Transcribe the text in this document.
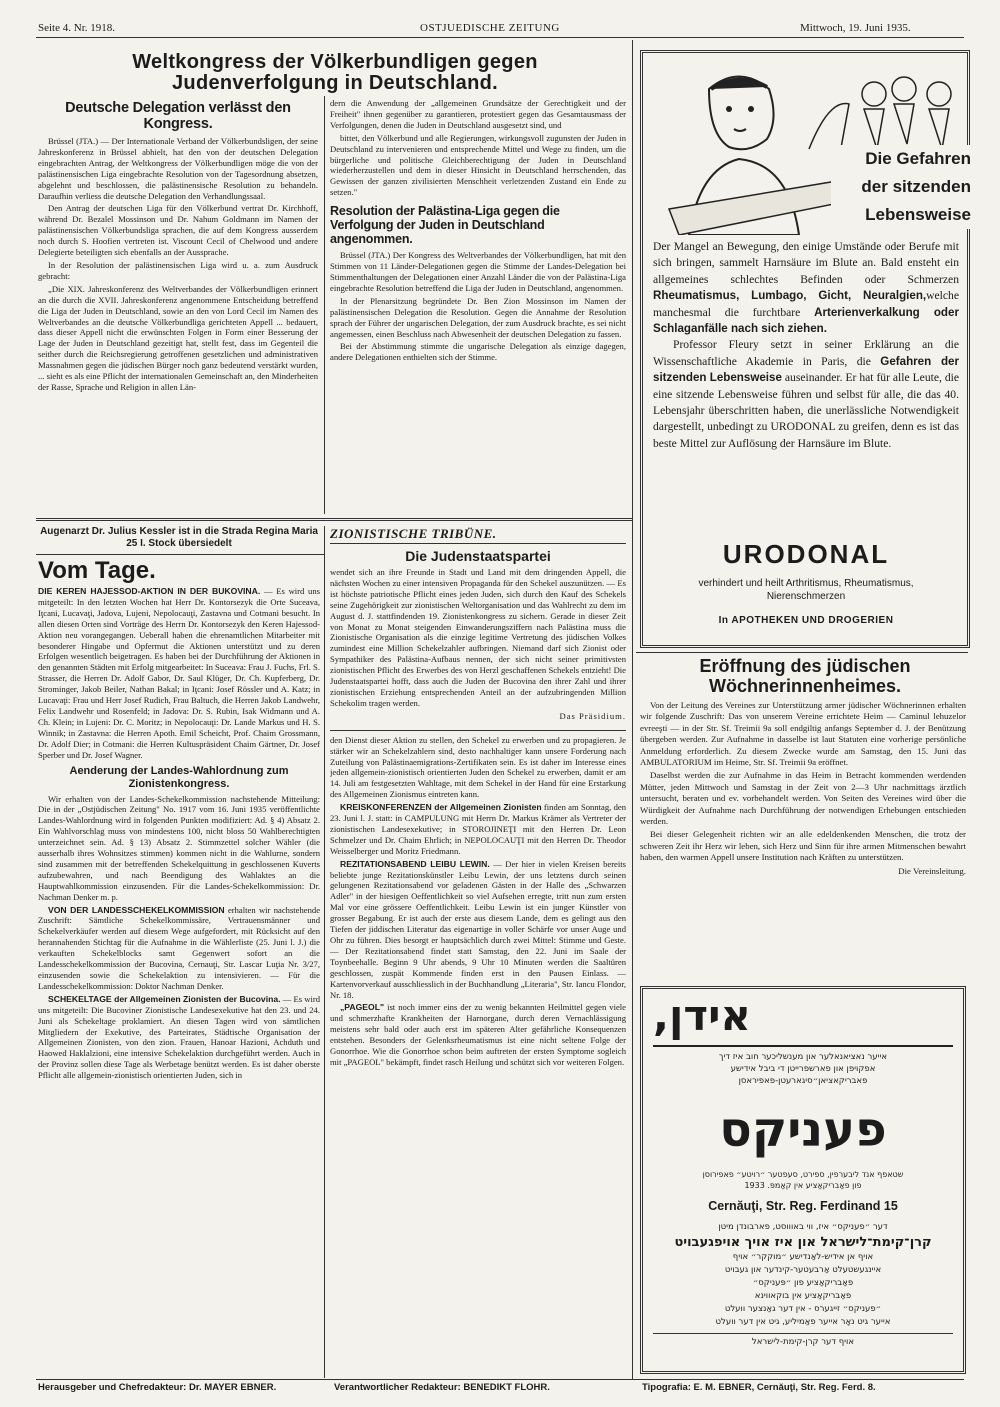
Seite 4. Nr. 1918.	OSTJUEDISCHE ZEITUNG	Mittwoch, 19. Juni 1935.
Weltkongress der Völkerbundligen gegen
Judenverfolgung in Deutschland.
Deutsche Delegation verlässt den Kongress.

Brüssel (JTA.) — Der Internationale Verband der Völkerbundsligen, der seine Jahreskonferenz in Brüssel abhielt, hat den von der deutschen Delegation eingebrachten Antrag, der Weltkongress der Völkerbundligen möge die von der palästinensischen Liga eingebrachte Resolution von der Tagesordnung absetzen, abgelehnt und beschlossen, die palästinensische Resolution zu behandeln. Daraufhin verliess die deutsche Delegation den Verhandlungssaal.

Den Antrag der deutschen Liga für den Völkerbund vertrat Dr. Kirchhoff, während Dr. Bezalel Mossinson und Dr. Nahum Goldmann im Namen der palästinensischen Völkerbundsliga sprachen, die auf dem Kongress ausserdem noch durch S. Hoofien vertreten ist. Viscount Cecil of Chelwood und andere Delegierte beteiligten sich ebenfalls an der Aussprache.

In der Resolution der palästinensischen Liga wird u. a. zum Ausdruck gebracht:

„Die XIX. Jahreskonferenz des Weltverbandes der Völkerbundligen erinnert an die durch die XVII. Jahreskonferenz angenommene Entscheidung betreffend die Liga der Juden in Deutschland, sowie an den von Lord Cecil im Namen des Weltverbandes an die deutsche Völkerbundliga gerichteten Appell ... bedauert, dass dieser Appell nicht die erwünschten Folgen in Form einer Besserung der Lage der Juden in Deutschland gezeitigt hat, stellt fest, dass im Gegenteil die seither durch die Reichsregierung getroffenen gesetzlichen und administrativen Massnahmen gegen die jüdischen Bürger noch ganz bedeutend verstärkt wurden, ... sieht es als eine Pflicht der internationalen Gemeinschaft an, den Minderheiten der Rasse, Sprache und Religion in allen Län-

dern die Anwendung der „allgemeinen Grundsätze der Gerechtigkeit und der Freiheit" ihnen gegenüber zu garantieren, protestiert gegen das Gesamtausmass der Verfolgungen, denen die Juden in Deutschland ausgesetzt sind, und

bittet, den Völkerbund und alle Regierungen, wirkungsvoll zugunsten der Juden in Deutschland zu intervenieren und entsprechende Mittel und Wege zu finden, um die bürgerliche und politische Gleichberechtigung der Juden in Deutschland wiederherzustellen und dem in dieser Hinsicht in Deutschland herrschenden, das Gewissen der ganzen zivilisierten Menschheit verletzenden Zustand ein Ende zu setzen."

Resolution der Palästina-Liga gegen die Verfolgung der Juden in Deutschland angenommen.

Brüssel (JTA.) Der Kongress des Weltverbandes der Völkerbundligen, hat mit den Stimmen von 11 Länder-Delegationen gegen die Stimme der Landes-Delegation bei Stimmenthaltungen der Delegationen einer Anzahl Länder die von der Palästina-Liga eingebrachte Resolution betreffend die Liga der Juden in Deutschland, angenommen.

In der Plenarsitzung begründete Dr. Ben Zion Mossinson im Namen der palästinensischen Delegation die Resolution. Gegen die Annahme der Resolution sprach der Führer der ungarischen Delegation, der zum Ausdruck brachte, es sei nicht angemessen, einen Beschluss nach Abwesenheit der deutschen Delegation zu fassen.

Bei der Abstimmung stimmte die ungarische Delegation als einzige dagegen, andere Delegationen enthielten sich der Stimme.

Augenarzt Dr. Julius Kessler ist in die Strada Regina Maria 25 I. Stock übersiedelt
Vom Tage.

DIE KEREN HAJESSOD-AKTION IN DER BUKOVINA. — Es wird uns mitgeteilt: In den letzten Wochen hat Herr Dr. Kontorsezyk die Orte Suceava, Iţcani, Lucavaţi, Jadova, Lujeni, Nepolocauţi, Zastavna und Cotmani besucht. In allen diesen Orten sind Vorträge des Herrn Dr. Kontorsezyk den Keren Hajessod-Aktion neu vorangegangen. Ueberall haben die ehrenamtlichen Mitarbeiter mit besonderer Hingabe und Opfermut die Aktionen unterstützt und zu deren Erfolgen wesentlich beigetragen. Es haben bei der Durchführung der Aktionen in den genannten Städten mit Erfolg mitgearbeitet: In Suceava: Frau J. Fuchs, Frl. S. Strasser, die Herren Dr. Adolf Gabor, Dr. Saul Klüger, Dr. Ch. Kupferberg, Dr. Strominger, Jakob Beiler, Nathan Bakal; in Iţcani: Josef Rössler und A. Katz; in Lucavaţi: Frau und Herr Josef Rudich, Frau Baltuch, die Herren Jakob Landwehr, Felix Landwehr und Rosenfeld; in Jadova: Dr. S. Rubin, Isak Widmann und A. Ch. Klein; in Lujeni: Dr. C. Moritz; in Nepolocauţi: Dr. Lande Markus und H. S. Winnik; in Zastavna: die Herren Apoth. Emil Scheicht, Prof. Chaim Grossmann, Dr. Adolf Dier; in Cotmani: die Herren Kultuspräsident Chaim Gärtner, Dr. Josef Sperber und Dr. Josef Wagner.

Aenderung der Landes-Wahlordnung zum Zionistenkongress.

Wir erhalten von der Landes-Schekelkommission nachstehende Mitteilung: Die in der „Ostjüdischen Zeitung" No. 1917 vom 16. Juni 1935 veröffentlichte Landes-Wahlordnung wird in folgenden Punkten modifiziert: Ad. § 4) Absatz 2. Ein Wahlvorschlag muss von mindestens 100, nicht bloss 50 Wahlberechtigten unterzeichnet sein. Ad. § 13) Absatz 2. Stimmzettel solcher Wähler (die ausserhalb ihres Wohnsitzes stimmen) kommen nicht in die Wahlurne, sondern sind zusammen mit der betreffenden Schekelquittung in geschlossenen Kuverts aufzubewahren, und nach Beendigung des Wahlaktes an die Hauptwahlkommission einzusenden. Für die Landes-Schekelkommission: Dr. Nachman Denker m. p.

VON DER LANDESSCHEKELKOMMISSION erhalten wir nachstehende Zuschrift: Sämtliche Schekelkommissäre, Vertrauensmänner und Schekelverkäufer werden auf diesem Wege aufgefordert, mit Rücksicht auf den herannahenden Stichtag für die Aufnahme in die Wählerliste (25. Juni l. J.) die verkauften Schekelblocks samt Gegenwert sofort an die Landesschekelkommission der Bucovina, Cernauţi, Str. Lascar Luţia Nr. 3/27, einzusenden sowie die Schekelaktion zu intensivieren. — Für die Landesschekelkommission: Doktor Nachman Denker.

SCHEKELTAGE der Allgemeinen Zionisten der Bucovina. — Es wird uns mitgeteilt: Die Bucoviner Zionistische Landesexekutive hat den 23. und 24. Juni als Schekeltage proklamiert. An diesen Tagen wird von sämtlichen Mitgliedern der Exekutive, des Parteirates, Städtische Organisation der Allgemeinen Zionisten, von den zion. Frauen, Hanoar Hazioni, Achduth und Haowed Haklalzioni, eine intensive Schekelaktion durchgeführt werden. Auch in der Provinz sollen diese Tage als Werbetage benützt werden. Es ist daher oberste Pflicht alle allgemein-zionistisch orientierten Juden, sich in

ZIONISTISCHE TRIBÜNE.
Die Judenstaatspartei

wendet sich an ihre Freunde in Stadt und Land mit dem dringenden Appell, die nächsten Wochen zu einer intensiven Propaganda für den Schekel auszunützen. — Es ist höchste patriotische Pflicht eines jeden Juden, sich durch den Kauf des Schekels seine Zugehörigkeit zur zionistischen Weltorganisation und das Wahlrecht zu dem im August d. J. stattfindenden 19. Zionistenkongress zu sichern. Gerade in dieser Zeit von Monat zu Monat steigenden Einwanderungsziffern nach Palästina muss die Zionistische Organisation als die einzige legitime Vertretung des jüdischen Volkes zumindest eine Million Schekelzahler aufbringen. Niemand darf sich Zionist oder Sympathiker des Palästina-Aufbaus nennen, der sich nicht seiner primitivsten zionistischen Pflicht des Erwerbes des von Herzl geschaffenen Schekels entzieht! Die Judenstaatspartei hofft, dass auch die Juden der Bucovina den ihrer Zahl und ihrer zionistischen Erziehung entsprechenden Anteil an der aufzubringenden Million Schekolim tragen werden.

Das Präsidium.

den Dienst dieser Aktion zu stellen, den Schekel zu erwerben und zu propagieren. Je stärker wir an Schekelzahlern sind, desto nachhaltiger kann unsere Forderung nach Zuteilung von Palästinaemigrations-Zertifikaten sein. Es ist daher im Interesse eines jeden allgemein-zionistisch orientierten Juden den Schekel zu erwerben, damit er am 14. Juli am festgesetzten Wahltage, mit dem Schekel in der Hand für eine Erstarkung des Allgemeinen Zionismus eintreten kann.

KREISKONFERENZEN der Allgemeinen Zionisten finden am Sonntag, den 23. Juni l. J. statt: in CAMPULUNG mit Herrn Dr. Markus Krämer als Vertreter der zionistischen Landesexekutive; in STOROJINEŢI mit den Herren Dr. Leon Schmelzer und Dr. Chaim Ehrlich; in NEPOLOCAUŢI mit den Herren Dr. Theodor Weisselberger und Moritz Friedmann.

REZITATIONSABEND LEIBU LEWIN. — Der hier in vielen Kreisen bereits beliebte junge Rezitationskünstler Leibu Lewin, der uns letztens durch seinen gelungenen Rezitationsabend vor geladenen Gästen in der Halle des „Schwarzen Adler" in der hiesigen Oeffentlichkeit so viel Aufsehen erregte, tritt nun zum ersten Mal vor eine grössere Oeffentlichkeit. Leibu Lewin ist ein junger Künstler von grosser Begabung. Er ist auch der erste aus diesem Lande, dem es gelingt aus den Tiefen der jiddischen Literatur das eigenartige in voller Schärfe vor unser Auge und Ohr zu führen. Dies besorgt er hauptsächlich durch zwei Mittel: Stimme und Geste. — Der Rezitationsabend findet statt Samstag, den 22. Juni im Saale der Toynbeehalle. Beginn 9 Uhr abends, 9 Uhr 10 Minuten werden die Saaltüren geschlossen, zuspät Kommende finden erst in den Pausen Einlass. — Kartenvorverkauf ausschliesslich in der Buchhandlung „Literaria", Str. Iancu Flondor, Nr. 18.

„PAGEOL" ist noch immer eins der zu wenig bekannten Heilmittel gegen viele und schmerzhafte Krankheiten der Harnorgane, durch deren Vernachlässigung meistens sehr bald oder auch erst im späteren Alter gefährliche Konsequenzen entstehen. Besonders der Gelenksrheumatismus ist eine nicht seltene Folge der Gonorrhoe. Wie die Gonorrhoe schon beim auftreten der ersten Symptome sogleich mit „PAGEOL" bekämpft, findet rasch Heilung und schützt sich vor weiteren Folgen.

Die Gefahren
der sitzenden
Lebensweise
Der Mangel an Bewegung, den einige Umstände oder Berufe mit sich bringen, sammelt Harnsäure im Blute an. Bald ensteht ein allgemeines schlechtes Befinden oder Schmerzen Rheumatismus, Lumbago, Gicht, Neuralgien,welche manchesmal die furchtbare Arterienverkalkung oder Schlaganfälle nach sich ziehen.
Professor Fleury setzt in seiner Erklärung an die Wissenschaftliche Akademie in Paris, die Gefahren der sitzenden Lebensweise auseinander. Er hat für alle Leute, die eine sitzende Lebensweise führen und selbst für alle, die das 40. Lebensjahr überschritten haben, die unerlässliche Notwendigkeit dargestellt, unbedingt zu URODONAL zu greifen, denn es ist das beste Mittel zur Auflösung der Harnsäure im Blute.
URODONAL
verhindert und heilt Arthritismus, Rheumatismus,
Nierenschmerzen
In APOTHEKEN UND DROGERIEN
Eröffnung des jüdischen
Wöchnerinnenheimes.

Von der Leitung des Vereines zur Unterstützung armer jüdischer Wöchnerinnen erhalten wir folgende Zuschrift: Das von unserem Vereine errichtete Heim — Caminul lehuzelor evreeşti — in der Str. Sf. Treimii 9a soll endgiltig anfangs September d. J. der Benützung übergeben werden. Zur Aufnahme in dasselbe ist laut Statuten eine vorherige persönliche Anmeldung erforderlich. Zu diesem Zwecke wurde am Samstag, den 15. Juni das AMBULATORIUM im Heime, Str. Sf. Treimii 9a eröffnet.

Daselbst werden die zur Aufnahme in das Heim in Betracht kommenden werdenden Mütter, jeden Mittwoch und Samstag in der Zeit von 2—3 Uhr nachmittags ärztlich untersucht, beraten und ev. vorbehandelt werden. Von Seiten des Vereines wird über die Würdigkeit der Aufnahme nach Durchführung der notwendigen Erhebungen entschieden werden.

Bei dieser Gelegenheit richten wir an alle edeldenkenden Menschen, die trotz der schweren Zeit ihr Herz wir leben, sich Herz und Sinn für ihre armen Mitmenschen bewahrt haben, den warmen Appell unsere Institution nach Kräften zu unterstützen.

Die Vereinsleitung.
אידן,
אייער נאציאנאלער און מענשליכער חוב איז דיך
אפקויפן און פארשפרייטן די ביבל אידישע
פאבריקאציאן״סיגארעטן-פאפיראסן
פעניקס
שטאפף אנד ליבערפין, ספירט, סעפטער ״רויטע״ פאפירוסן
פון פאַבריקאַציע אין קאַמפּ. 1933
Cernăuţi, Str. Reg. Ferdinand 15
דער ״פעניקס״ איז, ווי באוווסט, פארבונדן מיטן
קרן־קימת־לישראל און איז אויך אויפגעבויט
אויף אן אידיש-לאַנדישע ״מוקקר״ אויף
איינגעשטעלט אַרבעטער-קינדער און געבויט
פאַבריקאַציע פון ״פּעניקס״
פאַבריקאַציע אין בוקאווינא
״פעניקס״ זייגערס - אין דער גאַנצער וועלט
אייער גיט נאָר אייער פאַמיליע, גיט אין דער וועלט
אויף דער קרן-קימת-לישראל
Herausgeber und Chefredakteur: Dr. MAYER EBNER.	Verantwortlicher Redakteur: BENEDIKT FLOHR.	Tipografia: E. M. EBNER, Cernăuţi, Str. Reg. Ferd. 8.
